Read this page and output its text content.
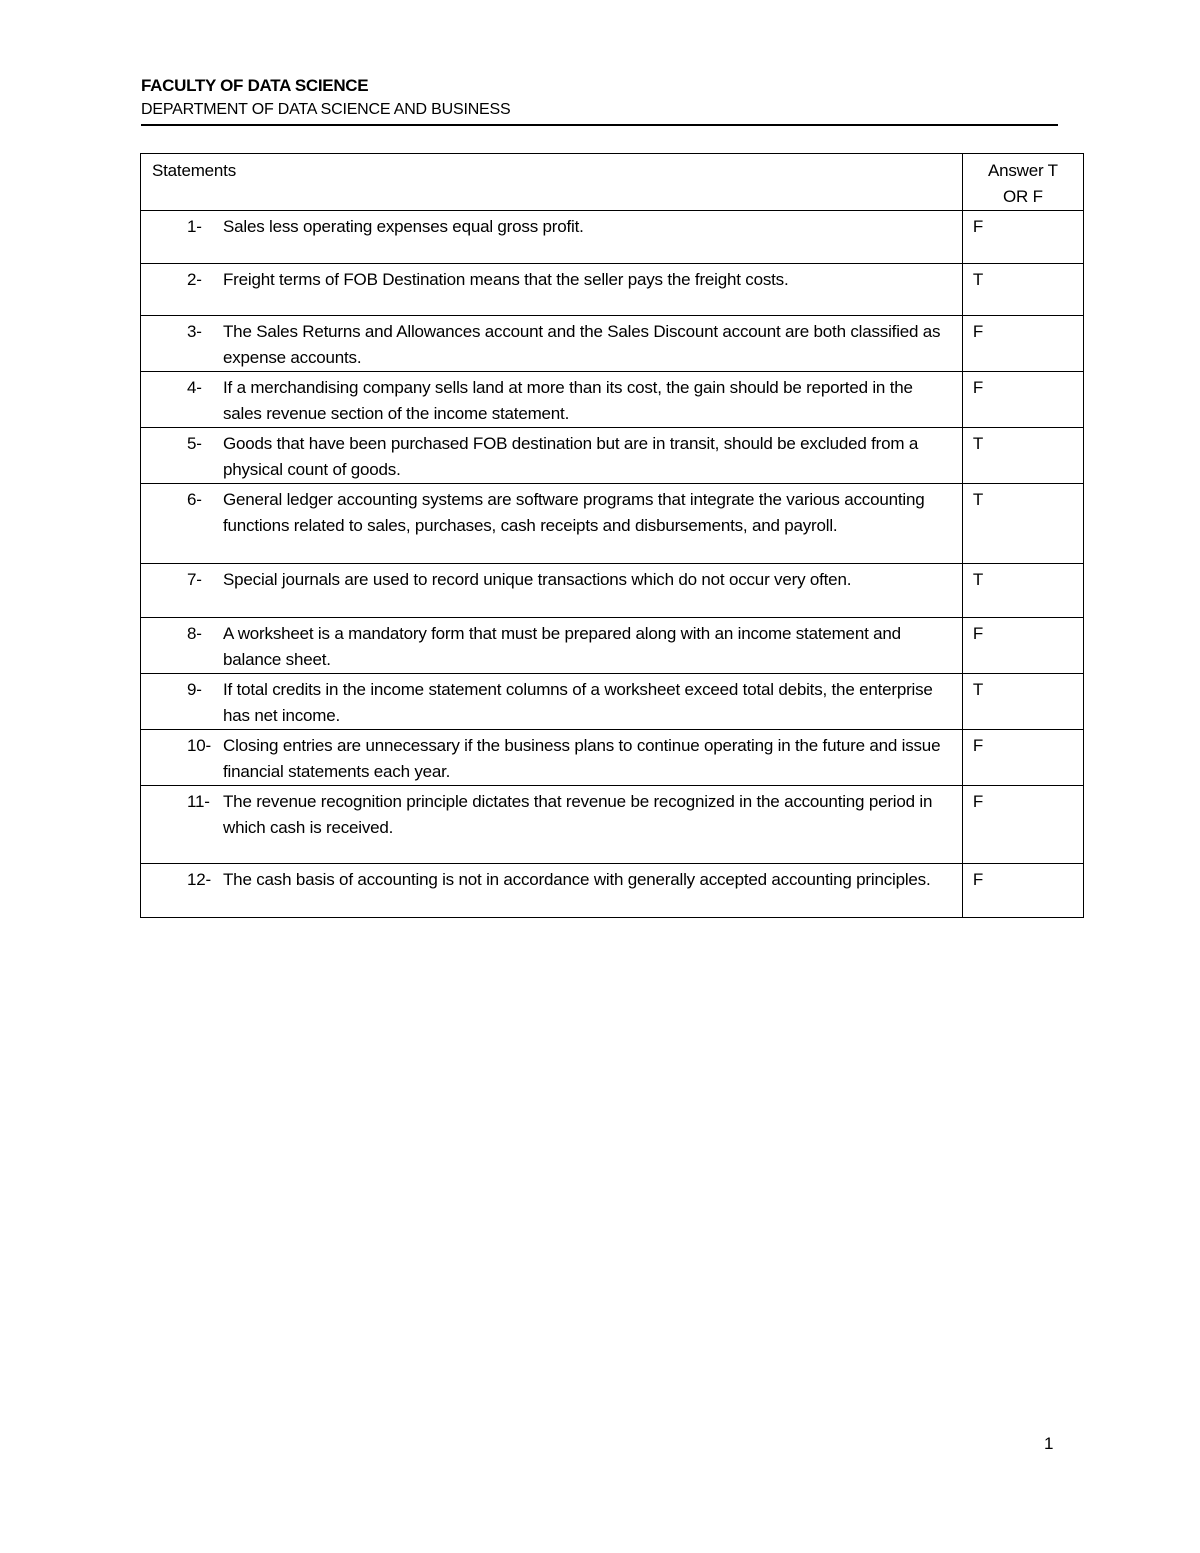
FACULTY OF DATA SCIENCE
DEPARTMENT OF DATA SCIENCE AND BUSINESS
Statements	Answer T
OR F

1- Sales less operating expenses equal gross profit.	F

2- Freight terms of FOB Destination means that the seller pays the freight costs.	T

3- The Sales Returns and Allowances account and the Sales Discount account are both classified as expense accounts.	F

4- If a merchandising company sells land at more than its cost, the gain should be reported in the sales revenue section of the income statement.	F

5- Goods that have been purchased FOB destination but are in transit, should be excluded from a physical count of goods.	T

6- General ledger accounting systems are software programs that integrate the various accounting functions related to sales, purchases, cash receipts and disbursements, and payroll.	T

7- Special journals are used to record unique transactions which do not occur very often.	T

8- A worksheet is a mandatory form that must be prepared along with an income statement and balance sheet.	F

9- If total credits in the income statement columns of a worksheet exceed total debits, the enterprise has net income.	T

10- Closing entries are unnecessary if the business plans to continue operating in the future and issue financial statements each year.	F

11- The revenue recognition principle dictates that revenue be recognized in the accounting period in which cash is received.	F

12- The cash basis of accounting is not in accordance with generally accepted accounting principles.	F
1
